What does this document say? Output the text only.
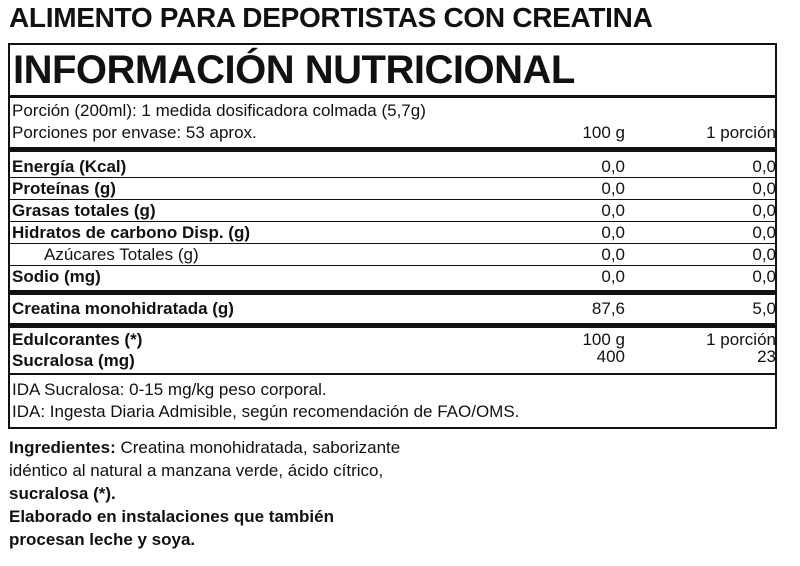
ALIMENTO PARA DEPORTISTAS CON CREATINA
INFORMACIÓN NUTRICIONAL
Porción (200ml): 1 medida dosificadora colmada (5,7g)
Porciones por envase: 53 aprox.	100 g	1 porción
Energía (Kcal)	0,0	0,0
Proteínas (g)	0,0	0,0
Grasas totales (g)	0,0	0,0
Hidratos de carbono Disp. (g)	0,0	0,0
Azúcares Totales (g)	0,0	0,0
Sodio (mg)	0,0	0,0
Creatina monohidratada (g)	87,6	5,0
Edulcorantes (*)	100 g	1 porción
Sucralosa (mg)	400	23
IDA Sucralosa: 0-15 mg/kg peso corporal.
IDA: Ingesta Diaria Admisible, según recomendación de FAO/OMS.
Ingredientes: Creatina monohidratada, saborizante idéntico al natural a manzana verde, ácido cítrico, sucralosa (*).
Elaborado en instalaciones que también procesan leche y soya.
